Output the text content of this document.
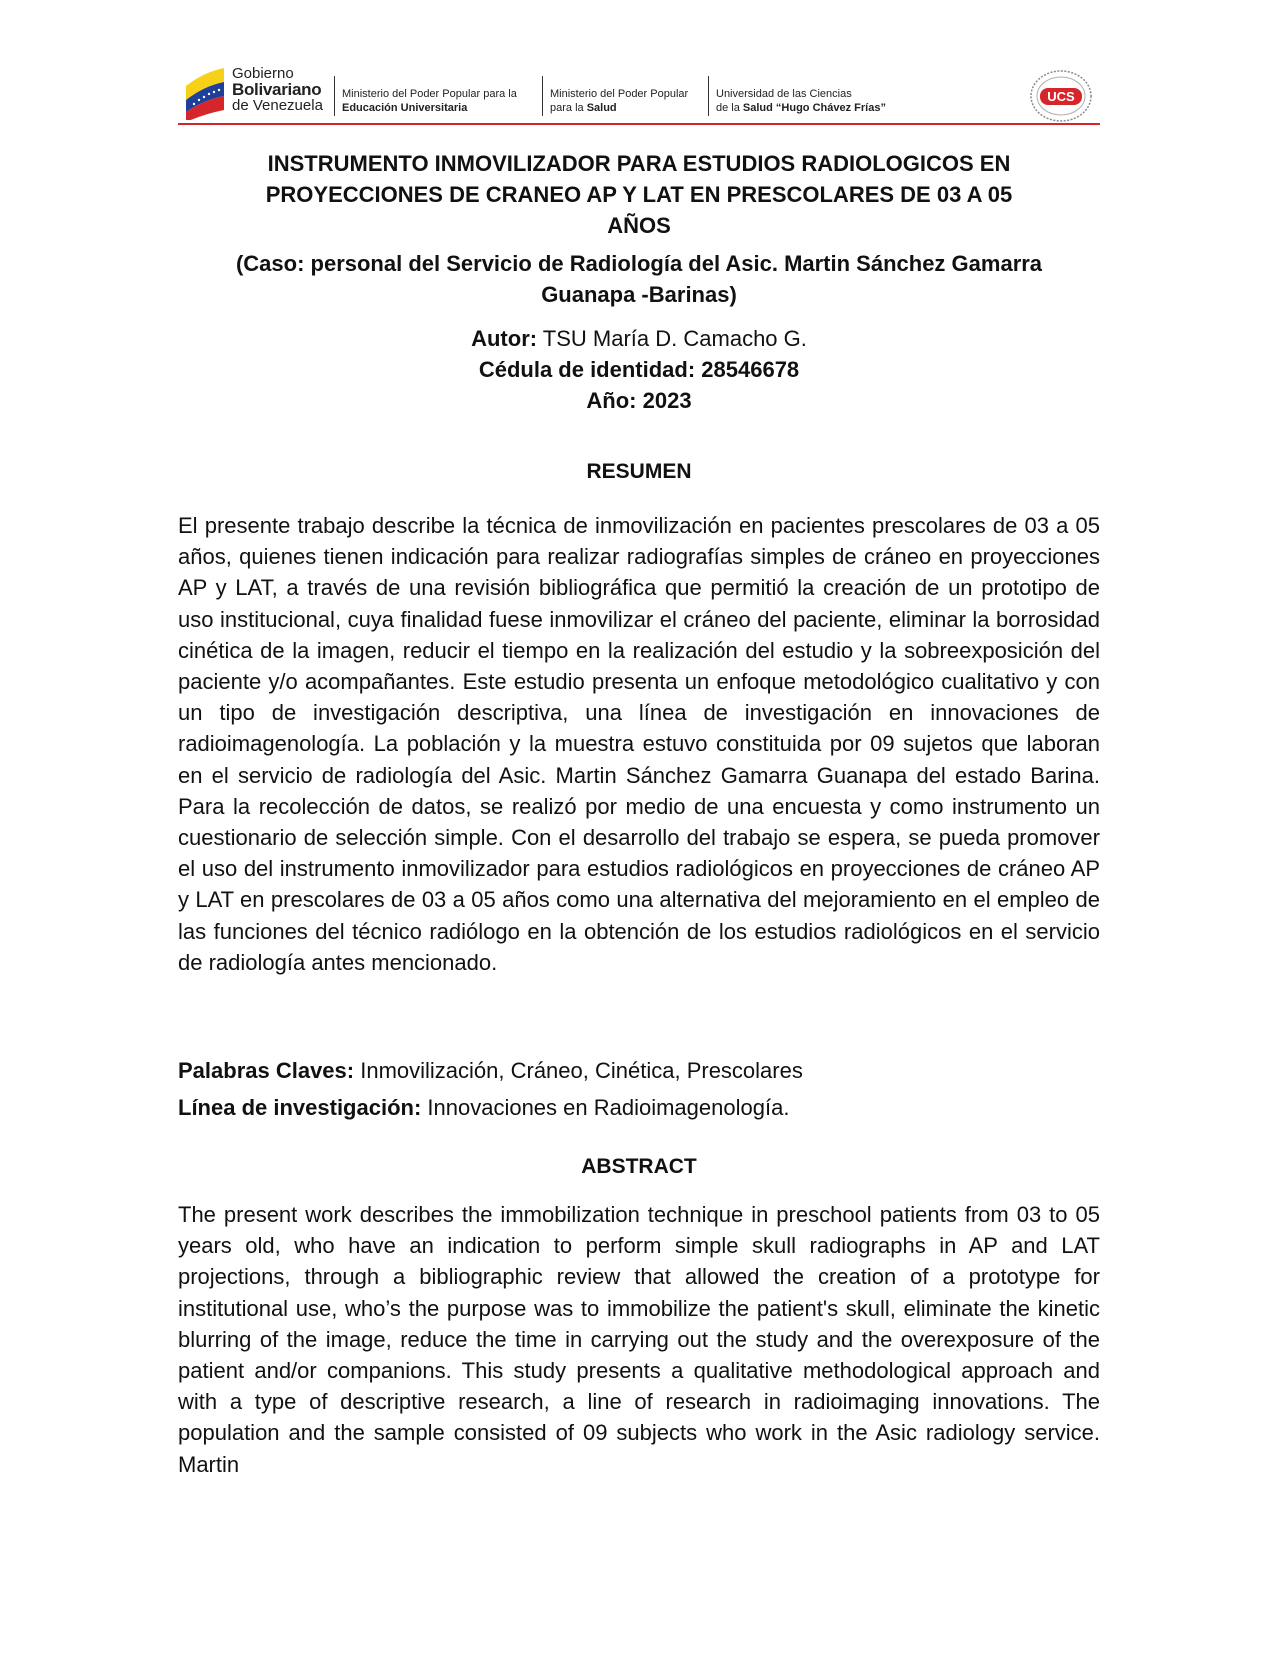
Gobierno
Bolivariano
de Venezuela
Ministerio del Poder Popular para la
Educación Universitaria
Ministerio del Poder Popular
para la Salud
Universidad de las Ciencias
de la Salud “Hugo Chávez Frías”
UCS
INSTRUMENTO INMOVILIZADOR PARA ESTUDIOS RADIOLOGICOS EN
PROYECCIONES DE CRANEO AP Y LAT EN PRESCOLARES DE 03 A 05
AÑOS
(Caso: personal del Servicio de Radiología del Asic. Martin Sánchez Gamarra
Guanapa -Barinas)
Autor: TSU María D. Camacho G.
Cédula de identidad: 28546678
Año: 2023
RESUMEN
El presente trabajo describe la técnica de inmovilización en pacientes prescolares de 03 a 05 años, quienes tienen indicación para realizar radiografías simples de cráneo en proyecciones AP y LAT, a través de una revisión bibliográfica que permitió la creación de un prototipo de uso institucional, cuya finalidad fuese inmovilizar el cráneo del paciente, eliminar la borrosidad cinética de la imagen, reducir el tiempo en la realización del estudio y la sobreexposición del paciente y/o acompañantes. Este estudio presenta un enfoque metodológico cualitativo y con un tipo de investigación descriptiva, una línea de investigación en innovaciones de radioimagenología. La población y la muestra estuvo constituida por 09 sujetos que laboran en el servicio de radiología del Asic. Martin Sánchez Gamarra Guanapa del estado Barina. Para la recolección de datos, se realizó por medio de una encuesta y como instrumento un cuestionario de selección simple. Con el desarrollo del trabajo se espera, se pueda promover el uso del instrumento inmovilizador para estudios radiológicos en proyecciones de cráneo AP y LAT en prescolares de 03 a 05 años como una alternativa del mejoramiento en el empleo de las funciones del técnico radiólogo en la obtención de los estudios radiológicos en el servicio de radiología antes mencionado.
Palabras Claves: Inmovilización, Cráneo, Cinética, Prescolares
Línea de investigación: Innovaciones en Radioimagenología.
ABSTRACT
The present work describes the immobilization technique in preschool patients from 03 to 05 years old, who have an indication to perform simple skull radiographs in AP and LAT projections, through a bibliographic review that allowed the creation of a prototype for institutional use, who’s the purpose was to immobilize the patient's skull, eliminate the kinetic blurring of the image, reduce the time in carrying out the study and the overexposure of the patient and/or companions. This study presents a qualitative methodological approach and with a type of descriptive research, a line of research in radioimaging innovations. The population and the sample consisted of 09 subjects who work in the Asic radiology service. Martin
